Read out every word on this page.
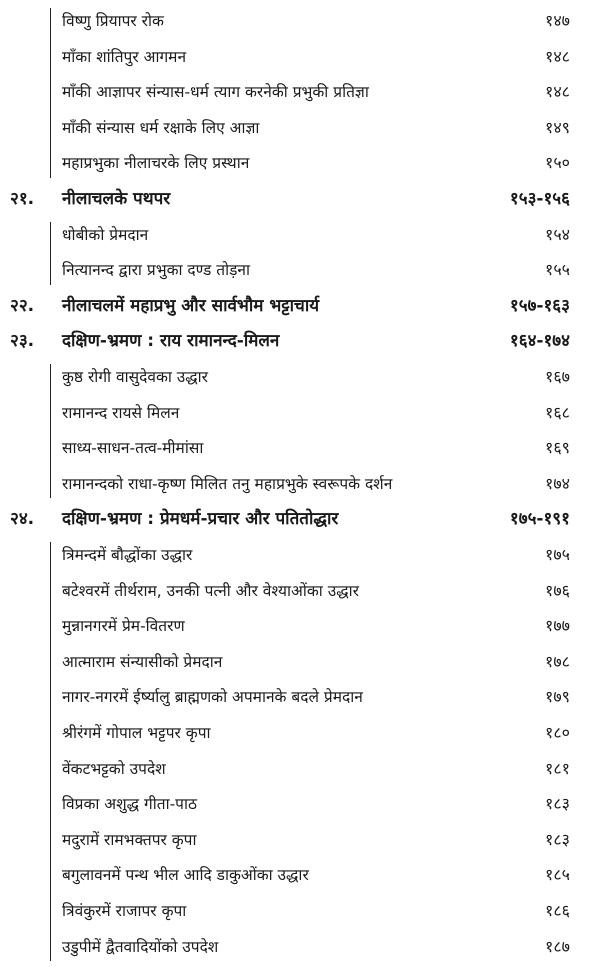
विष्णु प्रियापर रोक	१४७
माँका शांतिपुर आगमन	१४८
माँकी आज्ञापर संन्यास-धर्म त्याग करनेकी प्रभुकी प्रतिज्ञा	१४८
माँकी संन्यास धर्म रक्षाके लिए आज्ञा	१४९
महाप्रभुका नीलाचरके लिए प्रस्थान	१५०
२१. नीलाचलके पथपर	१५३-१५६
धोबीको प्रेमदान	१५४
नित्यानन्द द्वारा प्रभुका दण्ड तोड़ना	१५५
२२. नीलाचलमें महाप्रभु और सार्वभौम भट्टाचार्य	१५७-१६३
२३. दक्षिण-भ्रमण : राय रामानन्द-मिलन	१६४-१७४
कुष्ठ रोगी वासुदेवका उद्धार	१६७
रामानन्द रायसे मिलन	१६८
साध्य-साधन-तत्व-मीमांसा	१६९
रामानन्दको राधा-कृष्ण मिलित तनु महाप्रभुके स्वरूपके दर्शन	१७४
२४. दक्षिण-भ्रमण : प्रेमधर्म-प्रचार और पतितोद्धार	१७५-१९१
त्रिमन्दमें बौद्धोंका उद्धार	१७५
बटेश्वरमें तीर्थराम, उनकी पत्नी और वेश्याओंका उद्धार	१७६
मुन्नानगरमें प्रेम-वितरण	१७७
आत्माराम संन्यासीको प्रेमदान	१७८
नागर-नगरमें ईर्ष्यालु ब्राह्मणको अपमानके बदले प्रेमदान	१७९
श्रीरंगमें गोपाल भट्टपर कृपा	१८०
वेंकटभट्टको उपदेश	१८१
विप्रका अशुद्ध गीता-पाठ	१८३
मदुरामें रामभक्तपर कृपा	१८३
बगुलावनमें पन्थ भील आदि डाकुओंका उद्धार	१८५
त्रिवंकुरमें राजापर कृपा	१८६
उडुपीमें द्वैतवादियोंको उपदेश	१८७
